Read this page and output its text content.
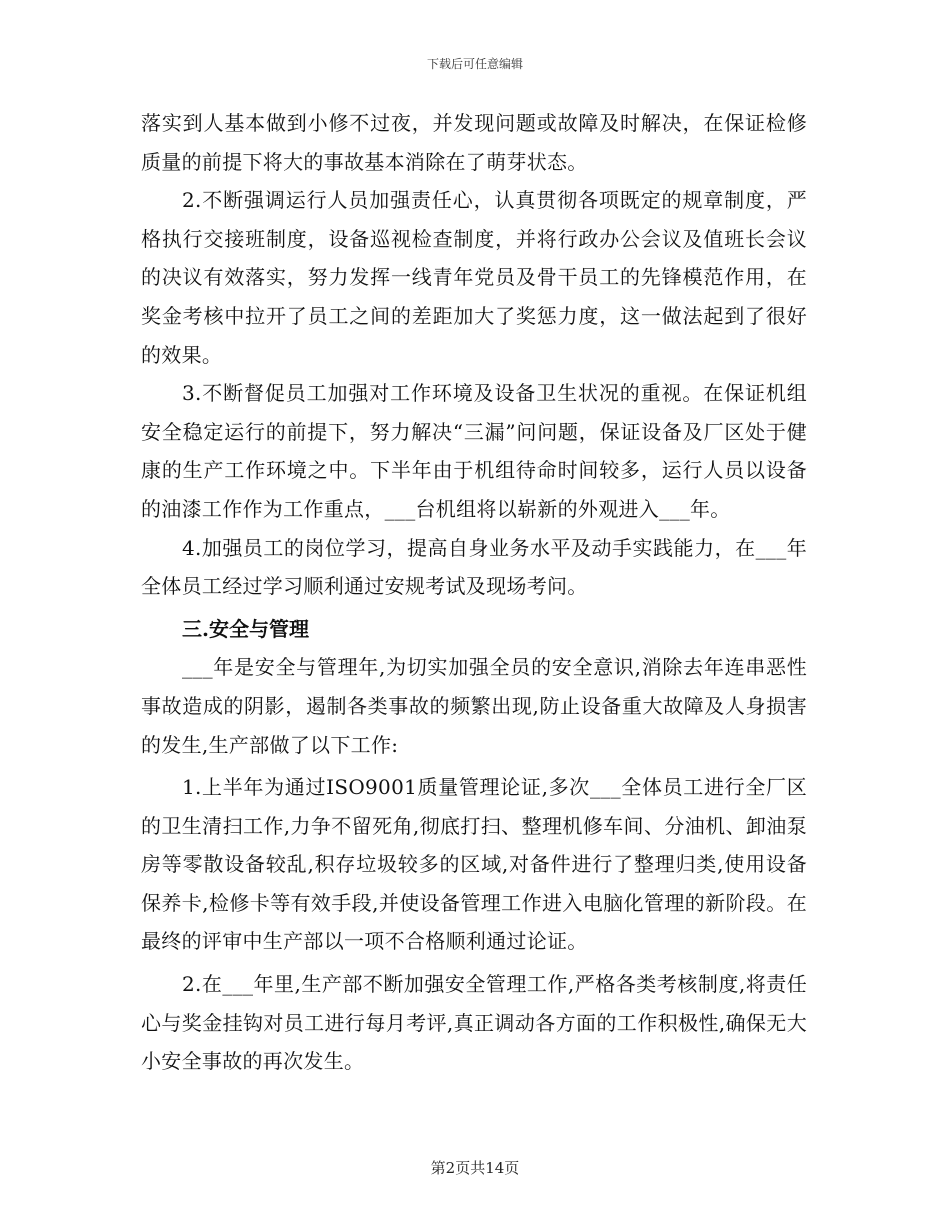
下载后可任意编辑

落实到人基本做到小修不过夜，并发现问题或故障及时解决，在保证检修质量的前提下将大的事故基本消除在了萌芽状态。

2.不断强调运行人员加强责任心，认真贯彻各项既定的规章制度，严格执行交接班制度，设备巡视检查制度，并将行政办公会议及值班长会议的决议有效落实，努力发挥一线青年党员及骨干员工的先锋模范作用，在奖金考核中拉开了员工之间的差距加大了奖惩力度，这一做法起到了很好的效果。

3.不断督促员工加强对工作环境及设备卫生状况的重视。在保证机组安全稳定运行的前提下，努力解决“三漏”问问题，保证设备及厂区处于健康的生产工作环境之中。下半年由于机组待命时间较多，运行人员以设备的油漆工作作为工作重点，___台机组将以崭新的外观进入___年。

4.加强员工的岗位学习，提高自身业务水平及动手实践能力，在___年全体员工经过学习顺利通过安规考试及现场考问。

三.安全与管理

___年是安全与管理年,为切实加强全员的安全意识,消除去年连串恶性事故造成的阴影，遏制各类事故的频繁出现,防止设备重大故障及人身损害的发生,生产部做了以下工作:

1.上半年为通过ISO9001质量管理论证,多次___全体员工进行全厂区的卫生清扫工作,力争不留死角,彻底打扫、整理机修车间、分油机、卸油泵房等零散设备较乱,积存垃圾较多的区域,对备件进行了整理归类,使用设备保养卡,检修卡等有效手段,并使设备管理工作进入电脑化管理的新阶段。在最终的评审中生产部以一项不合格顺利通过论证。

2.在___年里,生产部不断加强安全管理工作,严格各类考核制度,将责任心与奖金挂钩对员工进行每月考评,真正调动各方面的工作积极性,确保无大小安全事故的再次发生。

第2页共14页
